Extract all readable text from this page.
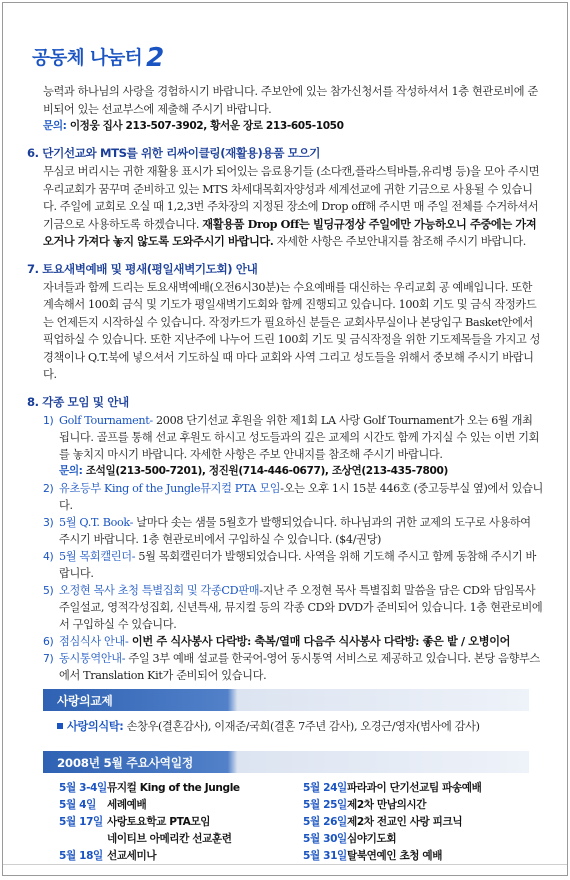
공동체 나눔터 2

능력과 하나님의 사랑을 경험하시기 바랍니다. 주보안에 있는 참가신청서를 작성하셔서 1층 현관로비에 준비되어 있는 선교부스에 제출해 주시기 바랍니다.

문의: 이정웅 집사 213-507-3902, 황서운 장로 213-605-1050
6. 단기선교와 MTS를 위한 리싸이클링(재활용)용품 모으기

무심코 버리시는 귀한 재활용 표시가 되어있는 음료용기들 (소다캔,플라스틱바틀,유리병 등)을 모아 주시면 우리교회가 꿈꾸며 준비하고 있는 MTS 차세대목회자양성과 세계선교에 귀한 기금으로 사용될 수 있습니다. 주일에 교회로 오실 때 1,2,3번 주차장의 지정된 장소에 Drop off해 주시면 매 주일 전체를 수거하셔서 기금으로 사용하도록 하겠습니다. 재활용품 Drop Off는 빌딩규정상 주일에만 가능하오니 주중에는 가져오거나 가져다 놓지 않도록 도와주시기 바랍니다. 자세한 사항은 주보안내지를 참조해 주시기 바랍니다.

7. 토요새벽예배 및 평새(평일새벽기도회) 안내

자녀들과 함께 드리는 토요새벽예배(오전6시30분)는 수요예배를 대신하는 우리교회 공 예배입니다. 또한 계속해서 100회 금식 및 기도가 평일새벽기도회와 함께 진행되고 있습니다. 100회 기도 및 금식 작정카드는 언제든지 시작하실 수 있습니다. 작정카드가 필요하신 분들은 교회사무실이나 본당입구 Basket안에서 픽업하실 수 있습니다. 또한 지난주에 나누어 드린 100회 기도 및 금식작정을 위한 기도제목들을 가지고 성경책이나 Q.T.북에 넣으셔서 기도하실 때 마다 교회와 사역 그리고 성도들을 위해서 중보해 주시기 바랍니다.

8. 각종 모임 및 안내
1) Golf Tournament- 2008 단기선교 후원을 위한 제1회 LA 사랑 Golf Tournament가 오는 6월 개최됩니다. 골프를 통해 선교 후원도 하시고 성도들과의 깊은 교제의 시간도 함께 가지실 수 있는 이번 기회를 놓치지 마시기 바랍니다. 자세한 사항은 주보 안내지를 참조해 주시기 바랍니다.
문의: 조석일(213-500-7201), 정진원(714-446-0677), 조상연(213-435-7800)
2) 유초등부 King of the Jungle뮤지컬 PTA 모임-오는 오후 1시 15분 446호 (중고등부실 옆)에서 있습니다.
3) 5월 Q.T. Book- 날마다 솟는 샘물 5월호가 발행되었습니다. 하나님과의 귀한 교제의 도구로 사용하여 주시기 바랍니다. 1층 현관로비에서 구입하실 수 있습니다. ($4/권당)
4) 5월 목회캘린더- 5월 목회캘린더가 발행되었습니다. 사역을 위해 기도해 주시고 함께 동참해 주시기 바랍니다.
5) 오정현 목사 초청 특별집회 및 각종CD판매-지난 주 오정현 목사 특별집회 말씀을 담은 CD와 담임목사 주일설교, 영적각성집회, 신년특새, 뮤지컬 등의 각종 CD와 DVD가 준비되어 있습니다. 1층 현관로비에서 구입하실 수 있습니다.
6) 점심식사 안내- 이번 주 식사봉사 다락방: 축복/열매 다음주 식사봉사 다락방: 좋은 밭 / 오병이어
7) 동시통역안내- 주일 3부 예배 설교를 한국어-영어 동시통역 서비스로 제공하고 있습니다. 본당 음향부스에서 Translation Kit가 준비되어 있습니다.
사랑의교제
사랑의식탁: 손창우(결혼감사), 이재준/국희(결혼 7주년 감사), 오경근/영자(범사에 감사)
2008년 5월 주요사역일정
5월 3-4일 뮤지컬 King of the Jungle
5월 4일 세례예배
5월 17일 사랑토요학교 PTA모임
네이티브 아메리칸 선교훈련
5월 18일 선교세미나
5월 24일 파라과이 단기선교팀 파송예배
5월 25일 제2차 만남의시간
5월 26일 제2차 전교인 사랑 피크닉
5월 30일 심야기도회
5월 31일 탈북연예인 초청 예배
